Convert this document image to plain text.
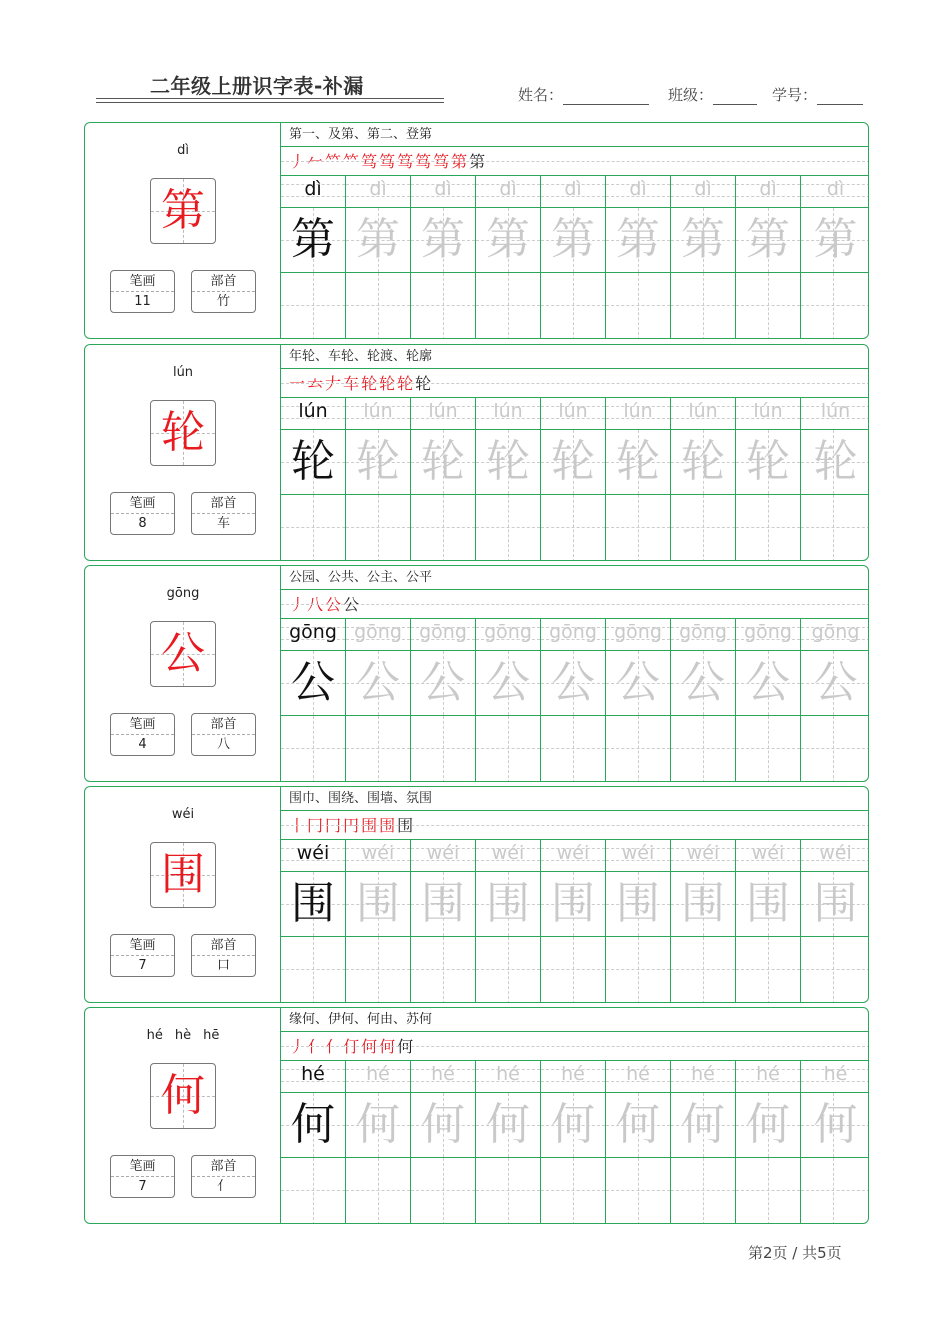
二年级上册识字表-补漏	姓名：	班级：	学号：
dì
第
笔画
11
部首
竹
第一、及第、第二、登第
丿 𠂉 𥫗 𥫗 笃 笃 笃 笃 笃 第 第
dì
第
dì
第
dì
第
dì
第
dì
第
dì
第
dì
第
dì
第
dì
第
lún
轮
笔画
8
部首
车
年轮、车轮、轮渡、轮廓
一 𠫓 𠂇 车 轮 轮 轮 轮
lún
轮
lún
轮
lún
轮
lún
轮
lún
轮
lún
轮
lún
轮
lún
轮
lún
轮
gōng
公
笔画
4
部首
八
公园、公共、公主、公平
丿 八 公 公
gōng
公
gōng
公
gōng
公
gōng
公
gōng
公
gōng
公
gōng
公
gōng
公
gōng
公
wéi
围
笔画
7
部首
口
围巾、围绕、围墙、氛围
丨 冂 冂 円 围 围 围
wéi
围
wéi
围
wéi
围
wéi
围
wéi
围
wéi
围
wéi
围
wéi
围
wéi
围
hé hè hē
何
笔画
7
部首
亻
缘何、伊何、何由、苏何
丿 亻 亻 仃 何 何 何
hé
何
hé
何
hé
何
hé
何
hé
何
hé
何
hé
何
hé
何
hé
何
第2页 / 共5页
